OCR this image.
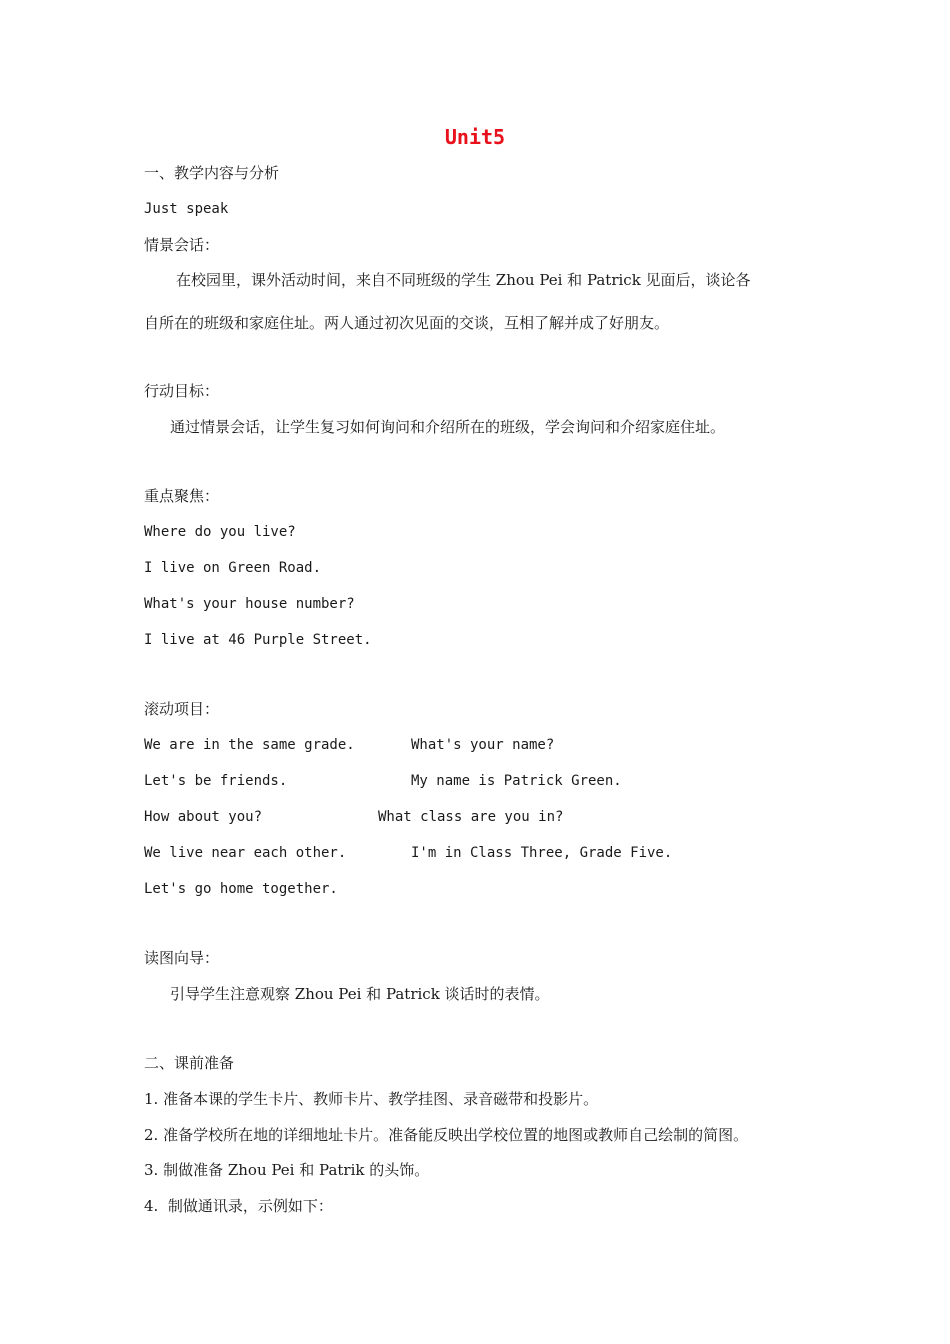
Unit5
一、教学内容与分析
Just speak
情景会话：
在校园里，课外活动时间，来自不同班级的学生 Zhou Pei 和 Patrick 见面后，谈论各
自所在的班级和家庭住址。两人通过初次见面的交谈，互相了解并成了好朋友。
行动目标：
通过情景会话，让学生复习如何询问和介绍所在的班级，学会询问和介绍家庭住址。
重点聚焦：
Where do you live?
I live on Green Road.
What's your house number?
I live at 46 Purple Street.
滚动项目：
We are in the same grade.	What's your name?
Let's be friends.	My name is Patrick Green.
How about you?	What class are you in?
We live near each other.	I'm in Class Three, Grade Five.
Let's go home together.
读图向导：
引导学生注意观察 Zhou Pei 和 Patrick 谈话时的表情。
二、课前准备
1. 准备本课的学生卡片、教师卡片、教学挂图、录音磁带和投影片。
2. 准备学校所在地的详细地址卡片。准备能反映出学校位置的地图或教师自己绘制的简图。
3. 制做准备 Zhou Pei 和 Patrik 的头饰。
4.  制做通讯录，示例如下：
